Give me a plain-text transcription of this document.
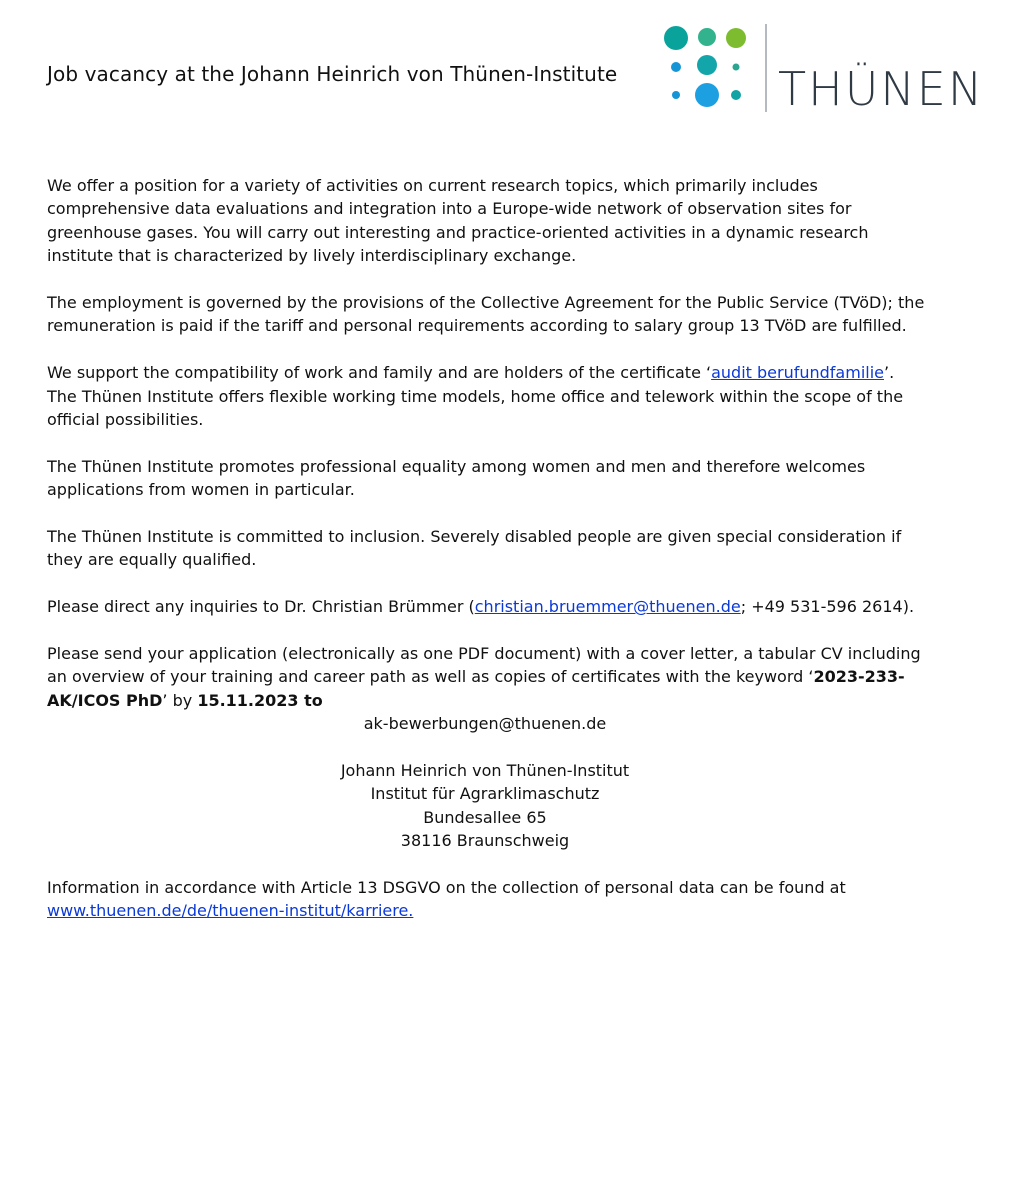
Job vacancy at the Johann Heinrich von Thünen-Institute	THÜNEN

We offer a position for a variety of activities on current research topics, which primarily includes comprehensive data evaluations and integration into a Europe-wide network of observation sites for greenhouse gases. You will carry out interesting and practice-oriented activities in a dynamic research institute that is characterized by lively interdisciplinary exchange.

The employment is governed by the provisions of the Collective Agreement for the Public Service (TVöD); the remuneration is paid if the tariff and personal requirements according to salary group 13 TVöD are fulfilled.

We support the compatibility of work and family and are holders of the certificate ‘audit berufundfamilie’. The Thünen Institute offers flexible working time models, home office and telework within the scope of the official possibilities.

The Thünen Institute promotes professional equality among women and men and therefore welcomes applications from women in particular.

The Thünen Institute is committed to inclusion. Severely disabled people are given special consideration if they are equally qualified.

Please direct any inquiries to Dr. Christian Brümmer (christian.bruemmer@thuenen.de; +49 531-596 2614).

Please send your application (electronically as one PDF document) with a cover letter, a tabular CV including an overview of your training and career path as well as copies of certificates with the keyword ‘2023-233-AK/ICOS PhD’ by 15.11.2023 to

ak-bewerbungen@thuenen.de
Johann Heinrich von Thünen-Institut
Institut für Agrarklimaschutz
Bundesallee 65
38116 Braunschweig

Information in accordance with Article 13 DSGVO on the collection of personal data can be found at
www.thuenen.de/de/thuenen-institut/karriere.
